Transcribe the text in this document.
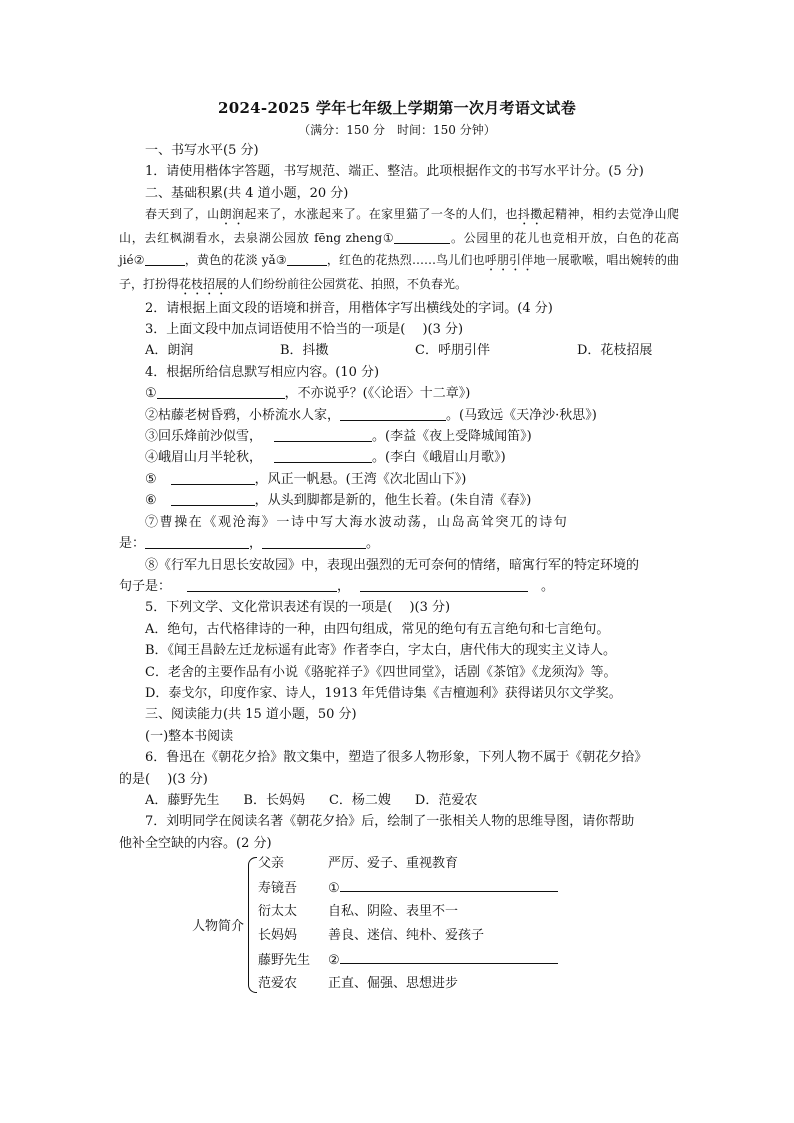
2024-2025 学年七年级上学期第一次月考语文试卷
（满分：150 分　时间：150 分钟）

一、书写水平(5 分)

1．请使用楷体字答题，书写规范、端正、整洁。此项根据作文的书写水平计分。(5 分)

二、基础积累(共 4 道小题，20 分)

春天到了，山朗润起来了，水涨起来了。在家里猫了一冬的人们，也抖擞起精神，相约去觉净山爬山，去红枫湖看水，去泉湖公园放 fēng zheng①	。公园里的花儿也竞相开放，白色的花高 jié②	，黄色的花淡 yǎ③	，红色的花热烈……鸟儿们也呼朋引伴地一展歌喉，唱出婉转的曲子，打扮得花枝招展的人们纷纷前往公园赏花、拍照，不负春光。

2．请根据上面文段的语境和拼音，用楷体字写出横线处的字词。(4 分)

3．上面文段中加点词语使用不恰当的一项是(　 )(3 分)

A．朗润	B．抖擞	C．呼朋引伴	D．花枝招展

4．根据所给信息默写相应内容。(10 分)

①	，不亦说乎？(《〈论语〉十二章》)

②枯藤老树昏鸦，小桥流水人家，	。(马致远《天净沙·秋思》)

③回乐烽前沙似雪，	。(李益《夜上受降城闻笛》)

④峨眉山月半轮秋，	。(李白《峨眉山月歌》)

⑤	，风正一帆悬。(王湾《次北固山下》)

⑥	，从头到脚都是新的，他生长着。(朱自清《春》)

⑦曹操在《观沧海》一诗中写大海水波动荡，山岛高耸突兀的诗句

是：	，	。

⑧《行军九日思长安故园》中，表现出强烈的无可奈何的情绪，暗寓行军的特定环境的

句子是：	，	　。

5．下列文学、文化常识表述有误的一项是(　 )(3 分)

A．绝句，古代格律诗的一种，由四句组成，常见的绝句有五言绝句和七言绝句。

B．《闻王昌龄左迁龙标遥有此寄》作者李白，字太白，唐代伟大的现实主义诗人。

C．老舍的主要作品有小说《骆驼祥子》《四世同堂》，话剧《茶馆》《龙须沟》等。

D．泰戈尔，印度作家、诗人，1913 年凭借诗集《吉檀迦利》获得诺贝尔文学奖。

三、阅读能力(共 15 道小题，50 分)

(一)整本书阅读

6．鲁迅在《朝花夕拾》散文集中，塑造了很多人物形象，下列人物不属于《朝花夕拾》

的是(　 )(3 分)

A．藤野先生 B．长妈妈 C．杨二嫂 D．范爱农

7．刘明同学在阅读名著《朝花夕拾》后，绘制了一张相关人物的思维导图，请你帮助

他补全空缺的内容。(2 分)

人物简介
父亲	严厉、爱子、重视教育
寿镜吾 ①
衍太太 自私、阴险、表里不一
长妈妈 善良、迷信、纯朴、爱孩子
藤野先生 ②
范爱农 正直、倔强、思想进步
